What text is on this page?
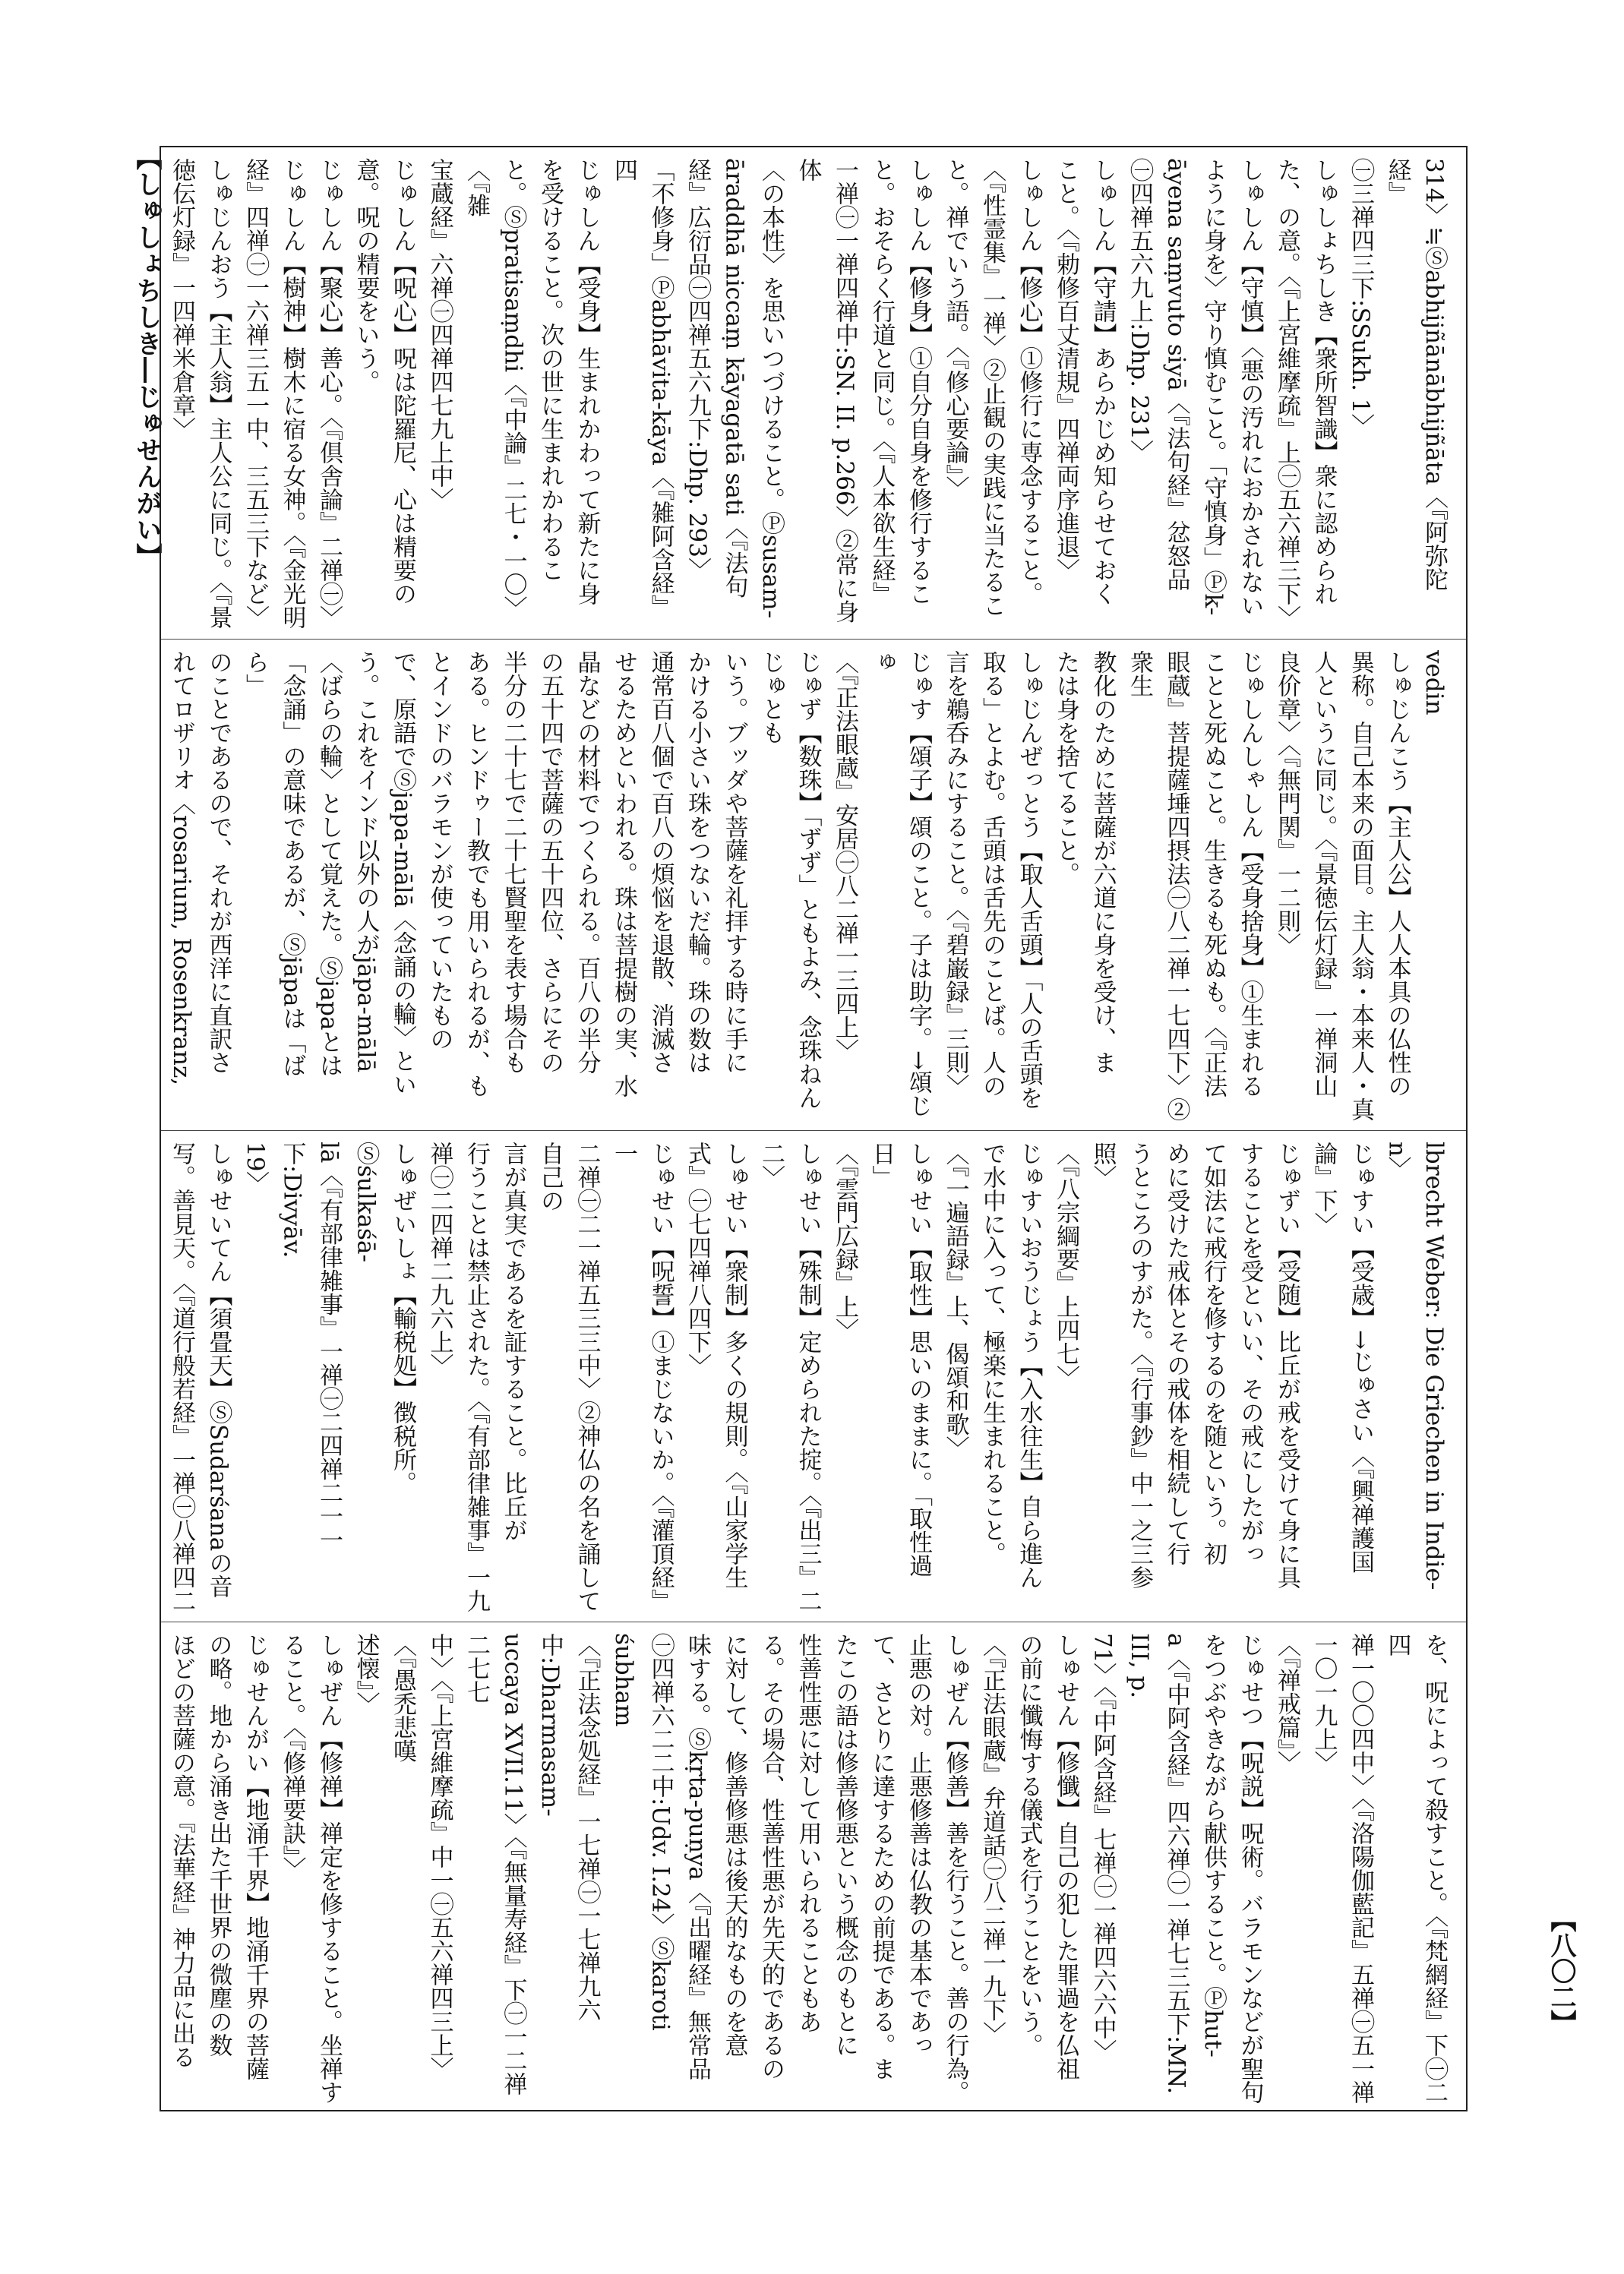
【しゅしょちしき―じゅせんがい】	314〉≒Ⓢabhijñānābhijñāta〈『阿弥陀経』
㊀三禅四三下:SSukh. 1〉
しゅしょちしき【衆所智識】衆に認められ
た、の意。〈『上宮維摩疏』上㊀五六禅三下〉
しゅしん【守慎】〈悪の汚れにおかされない
ように身を〉守り慎むこと。「守慎身」Ⓟk-
āyena saṃvuto siyā〈『法句経』忿怒品
㊀四禅五六九上:Dhp. 231〉
しゅしん【守請】あらかじめ知らせておく
こと。〈『勅修百丈清規』四禅両序進退〉
しゅしん【修心】①修行に専念すること。
〈『性霊集』一禅〉②止観の実践に当たるこ
と。禅でいう語。〈『修心要論』〉
しゅしん【修身】①自分自身を修行するこ
と。おそらく行道と同じ。〈『人本欲生経』
一禅㊀一禅四禅中:SN. II. p.266〉②常に身体
〈の本性〉を思いつづけること。Ⓟsusam-
āraddhā niccaṃ kāyagatā sati〈『法句
経』広衍品㊀四禅五六九下:Dhp. 293〉
「不修身」Ⓟabhāvita-kāya〈『雑阿含経』四
じゅしん【受身】生まれかわって新たに身
を受けること。次の世に生まれかわるこ
と。Ⓢpratisaṃdhi〈『中論』二七・一〇〉〈『雑
宝蔵経』六禅㊀四禅四七九上中〉
じゅしん【呪心】呪は陀羅尼、心は精要の
意。呪の精要をいう。
じゅしん【聚心】善心。〈『倶舎論』二禅㊀〉
じゅしん【樹神】樹木に宿る女神。〈『金光明
経』四禅㊀一六禅三五一中、三五三下など〉
しゅじんおう【主人翁】主人公に同じ。〈『景
徳伝灯録』一四禅米倉章〉

vedin
しゅじんこう【主人公】人人本具の仏性の
異称。自己本来の面目。主人翁・本来人・真
人というに同じ。〈『景徳伝灯録』一禅洞山
良价章〉〈『無門関』一二則〉
じゅしんしゃしん【受身捨身】①生まれる
ことと死ぬこと。生きるも死ぬも。〈『正法
眼蔵』菩提薩埵四摂法㊀八二禅一七四下〉②衆生
教化のために菩薩が六道に身を受け、ま
たは身を捨てること。
しゅじんぜっとう【取人舌頭】「人の舌頭を
取る」とよむ。舌頭は舌先のことば。人の
言を鵜呑みにすること。〈『碧巌録』三則〉
じゅす【頌子】頌のこと。子は助字。→頌じゅ
〈『正法眼蔵』安居㊀八二禅一三四上〉
じゅず【数珠】「ずず」ともよみ、念珠ねんじゅとも
いう。ブッダや菩薩を礼拝する時に手に
かける小さい珠をつないだ輪。珠の数は
通常百八個で百八の煩悩を退散、消滅さ
せるためといわれる。珠は菩提樹の実、水
晶などの材料でつくられる。百八の半分
の五十四で菩薩の五十四位、さらにその
半分の二十七で二十七賢聖を表す場合も
ある。ヒンドゥー教でも用いられるが、も
とインドのバラモンが使っていたもの
で、原語でⓈjapa-mālā〈念誦の輪〉とい
う。これをインド以外の人がjāpa-mālā
〈ばらの輪〉として覚えた。Ⓢjapaとは
「念誦」の意味であるが、Ⓢjāpaは「ばら」
のことであるので、それが西洋に直訳さ
れてロザリオ〈rosarium, Rosenkranz,

lbrecht Weber: Die Griechen in Indie-
n〉
じゅすい【受歳】→じゅさい〈『興禅護国
論』下〉
じゅずい【受随】比丘が戒を受けて身に具
することを受といい、その戒にしたがっ
て如法に戒行を修するのを随という。初
めに受けた戒体とその戒体を相続して行
うところのすがた。〈『行事鈔』中一之三参照〉
〈『八宗綱要』上四七〉
じゅすいおうじょう【入水往生】自ら進ん
で水中に入って、極楽に生まれること。
〈『一遍語録』上、偈頌和歌〉
しゅせい【取性】思いのままに。「取性過日」
〈『雲門広録』上〉
しゅせい【殊制】定められた掟。〈『出三』二
二〉
しゅせい【衆制】多くの規則。〈『山家学生
式』㊀七四禅八四下〉
じゅせい【呪誓】①まじないか。〈『灌頂経』一
二禅㊀二一禅五三三中〉②神仏の名を誦して自己の
言が真実であるを証すること。比丘が
行うことは禁止された。〈『有部律雑事』一九
禅㊀二四禅二九六上〉
しゅぜいしょ【輸税処】徴税所。Ⓢśulkaśā-
lā〈『有部律雑事』一禅㊀二四禅二一一下:Divyāv.
19〉
しゅせいてん【須畳天】ⓈSudarśanaの音
写。善見天。〈『道行般若経』一禅㊀八禅四二

を、呪によって殺すこと。〈『梵網経』下㊀二四
禅一〇〇四中〉〈『洛陽伽藍記』五禅㊀五一禅一〇一九上〉
〈『禅戒篇』〉
じゅせつ【呪説】呪術。バラモンなどが聖句
をつぶやきながら献供すること。Ⓟhut-
a〈『中阿含経』四六禅㊀一禅七三五下:MN. III, p.
71〉〈『中阿含経』七禅㊀一禅四六六中〉
しゅせん【修懺】自己の犯した罪過を仏祖
の前に懺悔する儀式を行うことをいう。
〈『正法眼蔵』弁道話㊀八二禅一九下〉
しゅぜん【修善】善を行うこと。善の行為。
止悪の対。止悪修善は仏教の基本であっ
て、さとりに達するための前提である。ま
たこの語は修善修悪という概念のもとに
性善性悪に対して用いられることもあ
る。その場合、性善性悪が先天的であるの
に対して、修善修悪は後天的なものを意
味する。Ⓢkṛta-puṇya〈『出曜経』無常品
㊀四禅六二二中:Udv. I.24〉Ⓢkaroti śubham
〈『正法念処経』一七禅㊀一七禅九六中:Dharmasam-
uccaya XVII.11〉〈『無量寿経』下㊀一二禅二七七
中〉〈『上宮維摩疏』中一㊀五六禅四三上〉〈『愚禿悲嘆
述懐』〉
しゅぜん【修禅】禅定を修すること。坐禅す
ること。〈『修禅要訣』〉
じゅせんがい【地涌千界】地涌千界の菩薩
の略。地から涌き出た千世界の微塵の数
ほどの菩薩の意。『法華経』神力品に出る	【八〇二】
